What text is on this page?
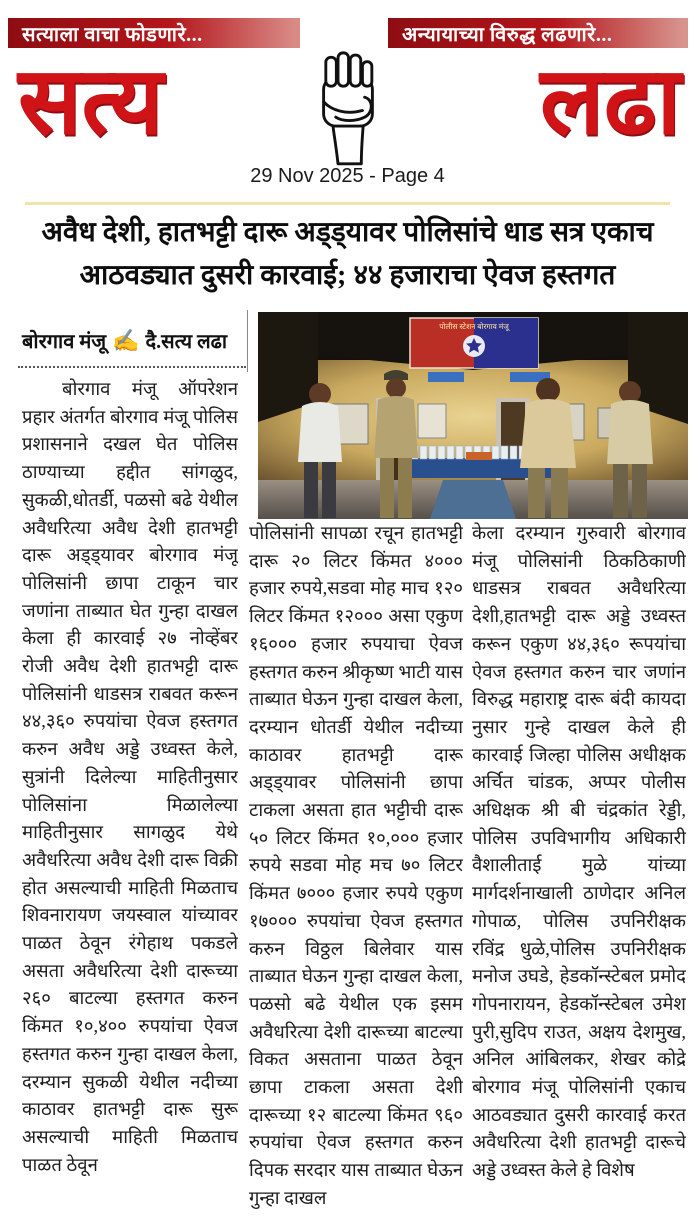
सत्याला वाचा फोडणारे...	अन्यायाच्या विरुद्ध लढणारे...
सत्य	लढा
29 Nov 2025 - Page 4
अवैध देशी, हातभट्टी दारू अड्ड्यावर पोलिसांचे धाड सत्र एकाच
आठवड्यात दुसरी कारवाई; ४४ हजाराचा ऐवज हस्तगत
बोरगाव मंजू ✍ दै.सत्य लढा
पोलीस स्टेशन बोरगाव मंजू

बोरगाव मंजू ऑपरेशन प्रहार अंतर्गत बोरगाव मंजू पोलिस प्रशासनाने दखल घेत पोलिस ठाण्याच्या हद्दीत सांगळुद, सुकळी,धोतर्डी, पळसो बढे येथील अवैधरित्या अवैध देशी हातभट्टी दारू अड्ड्यावर बोरगाव मंजू पोलिसांनी छापा टाकून चार जणांना ताब्यात घेत गुन्हा दाखल केला ही कारवाई २७ नोव्हेंबर रोजी अवैध देशी हातभट्टी दारू पोलिसांनी धाडसत्र राबवत करून ४४,३६० रुपयांचा ऐवज हस्तगत करुन अवैध अड्डे उध्वस्त केले, सुत्रांनी दिलेल्या माहितीनुसार पोलिसांना मिळालेल्या माहितीनुसार सागळुद येथे अवैधरित्या अवैध देशी दारू विक्री होत असल्याची माहिती मिळताच शिवनारायण जयस्वाल यांच्यावर पाळत ठेवून रंगेहाथ पकडले असता अवैधरित्या देशी दारूच्या २६० बाटल्या हस्तगत करुन किंमत १०,४०० रुपयांचा ऐवज हस्तगत करुन गुन्हा दाखल केला, दरम्यान सुकळी येथील नदीच्या काठावर हातभट्टी दारू सुरू असल्याची माहिती मिळताच पाळत ठेवून

पोलिसांनी सापळा रचून हातभट्टी दारू २० लिटर किंमत ४००० हजार रुपये,सडवा मोह माच १२० लिटर किंमत १२००० असा एकुण १६००० हजार रुपयाचा ऐवज हस्तगत करुन श्रीकृष्ण भाटी यास ताब्यात घेऊन गुन्हा दाखल केला, दरम्यान धोतर्डी येथील नदीच्या काठावर हातभट्टी दारू अड्ड्यावर पोलिसांनी छापा टाकला असता हात भट्टीची दारू ५० लिटर किंमत १०,००० हजार रुपये सडवा मोह मच ७० लिटर किंमत ७००० हजार रुपये एकुण १७००० रुपयांचा ऐवज हस्तगत करुन विठ्ठल बिलेवार यास ताब्यात घेऊन गुन्हा दाखल केला, पळसो बढे येथील एक इसम अवैधरित्या देशी दारूच्या बाटल्या विकत असताना पाळत ठेवून छापा टाकला असता देशी दारूच्या १२ बाटल्या किंमत ९६० रुपयांचा ऐवज हस्तगत करुन दिपक सरदार यास ताब्यात घेऊन गुन्हा दाखल

केला दरम्यान गुरुवारी बोरगाव मंजू पोलिसांनी ठिकठिकाणी धाडसत्र राबवत अवैधरित्या देशी,हातभट्टी दारू अड्डे उध्वस्त करून एकुण ४४,३६० रूपयांचा ऐवज हस्तगत करुन चार जणांन विरुद्ध महाराष्ट्र दारू बंदी कायदा नुसार गुन्हे दाखल केले ही कारवाई जिल्हा पोलिस अधीक्षक अर्चित चांडक, अप्पर पोलीस अधिक्षक श्री बी चंद्रकांत रेड्डी, पोलिस उपविभागीय अधिकारी वैशालीताई मुळे यांच्या मार्गदर्शनाखाली ठाणेदार अनिल गोपाळ, पोलिस उपनिरीक्षक रविंद्र धुळे,पोलिस उपनिरीक्षक मनोज उघडे, हेडकॉन्स्टेबल प्रमोद गोपनारायन, हेडकॉन्स्टेबल उमेश पुरी,सुदिप राउत, अक्षय देशमुख, अनिल आंबिलकर, शेखर कोद्रे बोरगाव मंजू पोलिसांनी एकाच आठवड्यात दुसरी कारवाई करत अवैधरित्या देशी हातभट्टी दारूचे अड्डे उध्वस्त केले हे विशेष
